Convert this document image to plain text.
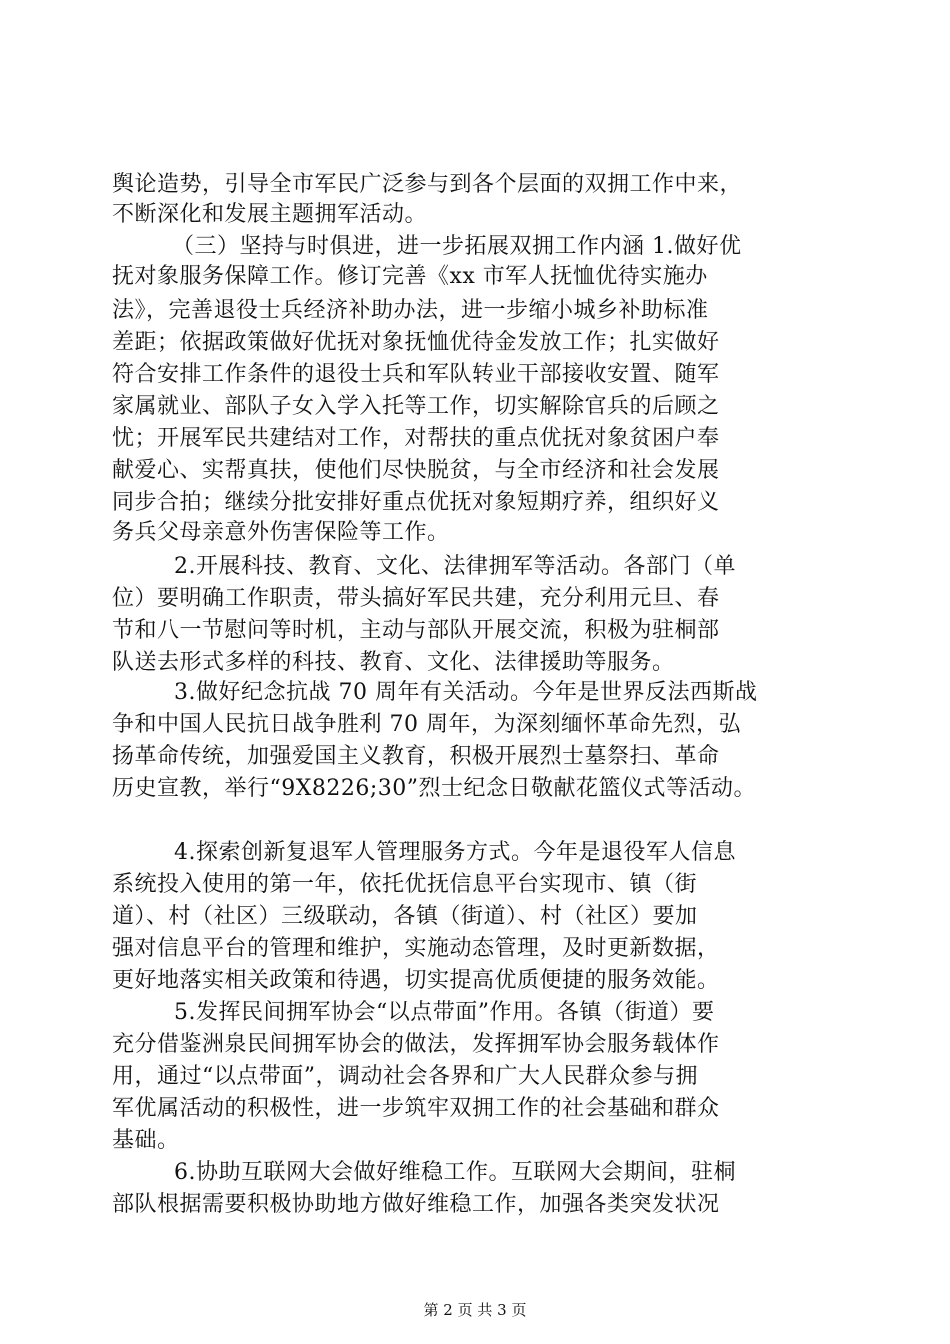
舆论造势，引导全市军民广泛参与到各个层面的双拥工作中来，
不断深化和发展主题拥军活动。
（三）坚持与时俱进，进一步拓展双拥工作内涵 1.做好优
抚对象服务保障工作。修订完善《xx 市军人抚恤优待实施办
法》，完善退役士兵经济补助办法，进一步缩小城乡补助标准
差距；依据政策做好优抚对象抚恤优待金发放工作；扎实做好
符合安排工作条件的退役士兵和军队转业干部接收安置、随军
家属就业、部队子女入学入托等工作，切实解除官兵的后顾之
忧；开展军民共建结对工作，对帮扶的重点优抚对象贫困户奉
献爱心、实帮真扶，使他们尽快脱贫，与全市经济和社会发展
同步合拍；继续分批安排好重点优抚对象短期疗养，组织好义
务兵父母亲意外伤害保险等工作。
2.开展科技、教育、文化、法律拥军等活动。各部门（单
位）要明确工作职责，带头搞好军民共建，充分利用元旦、春
节和八一节慰问等时机，主动与部队开展交流，积极为驻桐部
队送去形式多样的科技、教育、文化、法律援助等服务。
3.做好纪念抗战 70 周年有关活动。今年是世界反法西斯战
争和中国人民抗日战争胜利 70 周年，为深刻缅怀革命先烈，弘
扬革命传统，加强爱国主义教育，积极开展烈士墓祭扫、革命
历史宣教，举行“9X8226;30”烈士纪念日敬献花篮仪式等活动。
4.探索创新复退军人管理服务方式。今年是退役军人信息
系统投入使用的第一年，依托优抚信息平台实现市、镇（街
道）、村（社区）三级联动，各镇（街道）、村（社区）要加
强对信息平台的管理和维护，实施动态管理，及时更新数据，
更好地落实相关政策和待遇，切实提高优质便捷的服务效能。
5.发挥民间拥军协会“以点带面”作用。各镇（街道）要
充分借鉴洲泉民间拥军协会的做法，发挥拥军协会服务载体作
用，通过“以点带面”，调动社会各界和广大人民群众参与拥
军优属活动的积极性，进一步筑牢双拥工作的社会基础和群众
基础。
6.协助互联网大会做好维稳工作。互联网大会期间，驻桐
部队根据需要积极协助地方做好维稳工作，加强各类突发状况
第 2 页 共 3 页
